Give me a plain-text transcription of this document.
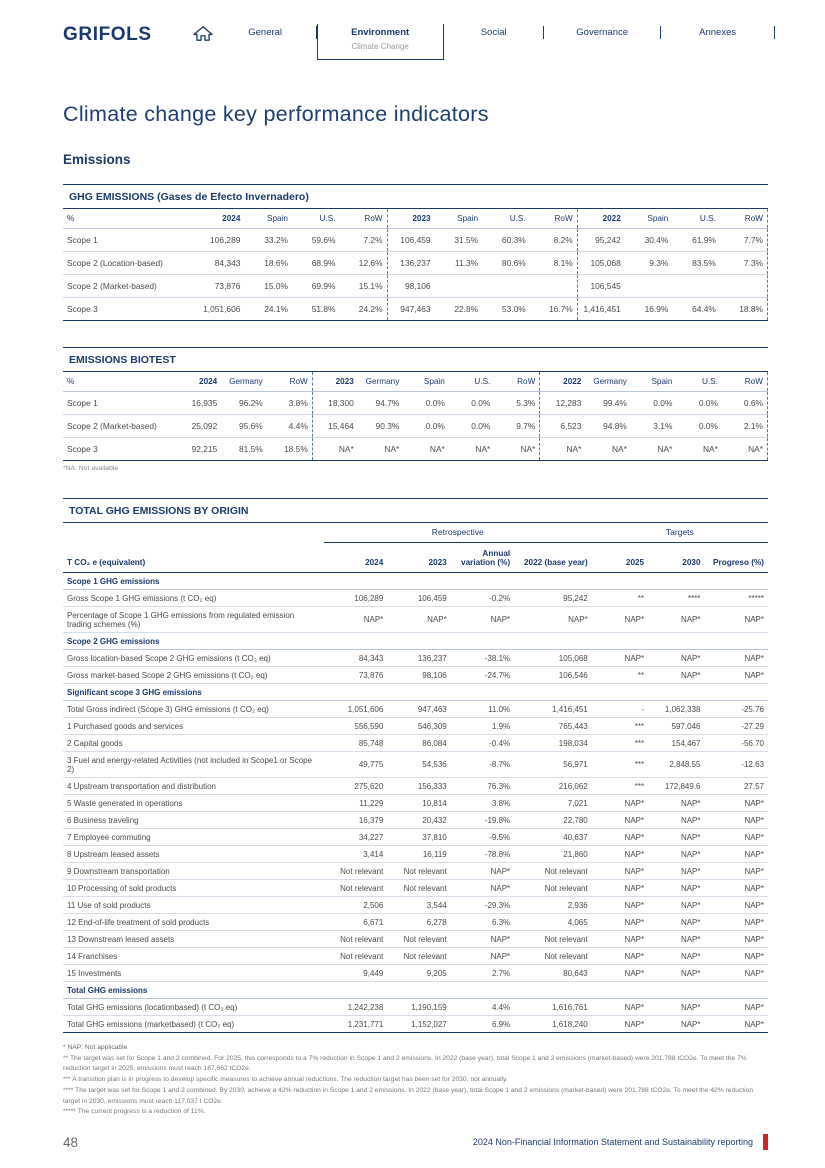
GRIFOLS	General	Environment
Climate Change
Social	Governance	Annexes
Climate change key performance indicators
Emissions
GHG EMISSIONS (Gases de Efecto Invernadero)
%	2024	Spain	U.S.	RoW	2023	Spain	U.S.	RoW	2022	Spain	U.S.	RoW
Scope 1	106,289	33.2%	59.6%	7.2%	106,459	31.5%	60.3%	8.2%	95,242	30.4%	61.9%	7.7%
Scope 2 (Location-based)	84,343	18.6%	68.9%	12.6%	136,237	11.3%	80.6%	8.1%	105,068	9.3%	83.5%	7.3%
Scope 2 (Market-based)	73,876	15.0%	69.9%	15.1%	98,106				106,545			
Scope 3	1,051,606	24.1%	51.8%	24.2%	947,463	22.8%	53.0%	16.7%	1,416,451	16.9%	64.4%	18.8%
EMISSIONS BIOTEST
%	2024	Germany	RoW	2023	Germany	Spain	U.S.	RoW	2022	Germany	Spain	U.S.	RoW
Scope 1	16,935	96.2%	3.8%	18,300	94.7%	0.0%	0.0%	5.3%	12,283	99.4%	0.0%	0.0%	0.6%
Scope 2 (Market-based)	25,092	95.6%	4.4%	15,464	90.3%	0.0%	0.0%	9.7%	6,523	94.8%	3.1%	0.0%	2.1%
Scope 3	92,215	81.5%	18.5%	NA*	NA*	NA*	NA*	NA*	NA*	NA*	NA*	NA*	NA*
*NA: Not available
TOTAL GHG EMISSIONS BY ORIGIN
	Retrospective				Targets		
T CO₂ e (equivalent)	2024	2023	Annual variation (%)	2022 (base year)	2025	2030	Progreso (%)
Scope 1 GHG emissions							
Gross Scope 1 GHG emissions (t CO₂ eq)	106,289	106,459	-0.2%	95,242	**	****	*****
Percentage of Scope 1 GHG emissions from regulated emission trading schemes (%)	NAP*	NAP*	NAP*	NAP*	NAP*	NAP*	NAP*
Scope 2 GHG emissions							
Gross location-based Scope 2 GHG emissions (t CO₂ eq)	84,343	136,237	-38.1%	105,068	NAP*	NAP*	NAP*
Gross market-based Scope 2 GHG emissions (t CO₂ eq)	73,876	98,106	-24.7%	106,546	**	NAP*	NAP*
Significant scope 3 GHG emissions							
Total Gross indirect (Scope 3) GHG emissions (t CO₂ eq)	1,051,606	947,463	11.0%	1,416,451	-	1,062,338	-25.76
1 Purchased goods and services	556,590	546,309	1.9%	765,443	***	597,046	-27.29
2 Capital goods	85,748	86,084	-0.4%	198,034	***	154,467	-56.70
3 Fuel and energy-related Activities (not included in Scope1 or Scope 2)	49,775	54,536	-8.7%	56,971	***	2,848.55	-12.63
4 Upstream transportation and distribution	275,620	156,333	76.3%	216,062	***	172,849.6	27.57
5 Waste generated in operations	11,229	10,814	3.8%	7,021	NAP*	NAP*	NAP*
6 Business traveling	16,379	20,432	-19.8%	22,780	NAP*	NAP*	NAP*
7 Employee commuting	34,227	37,810	-9.5%	40,637	NAP*	NAP*	NAP*
8 Upstream leased assets	3,414	16,119	-78.8%	21,860	NAP*	NAP*	NAP*
9 Downstream transportation	Not relevant	Not relevant	NAP*	Not relevant	NAP*	NAP*	NAP*
10 Processing of sold products	Not relevant	Not relevant	NAP*	Not relevant	NAP*	NAP*	NAP*
11 Use of sold products	2,506	3,544	-29.3%	2,936	NAP*	NAP*	NAP*
12 End-of-life treatment of sold products	6,671	6,278	6.3%	4,065	NAP*	NAP*	NAP*
13 Downstream leased assets	Not relevant	Not relevant	NAP*	Not relevant	NAP*	NAP*	NAP*
14 Franchises	Not relevant	Not relevant	NAP*	Not relevant	NAP*	NAP*	NAP*
15 Investments	9,449	9,205	2.7%	80,643	NAP*	NAP*	NAP*
Total GHG emissions							
Total GHG emissions (locationbased) (t CO₂ eq)	1,242,238	1,190,159	4.4%	1,616,761	NAP*	NAP*	NAP*
Total GHG emissions (marketbased) (t CO₂ eq)	1,231,771	1,152,027	6.9%	1,618,240	NAP*	NAP*	NAP*
* NAP: Not applicable
** The target was set for Scope 1 and 2 combined. For 2025, this corresponds to a 7% reduction in Scope 1 and 2 emissions. In 2022 (base year), total Scope 1 and 2 emissions (market-based) were 201,788 tCO2e. To meet the 7% reduction target in 2025, emissions must reach 187,662 tCO2e.
*** A transition plan is in progress to develop specific measures to achieve annual reductions. The reduction target has been set for 2030, not annually.
**** The target was set for Scope 1 and 2 combined. By 2030, achieve a 42% reduction in Scope 1 and 2 emissions. In 2022 (base year), total Scope 1 and 2 emissions (market-based) were 201,788 tCO2e. To meet the 42% reduction target in 2030, emissions must reach 117,037 t CO2e.
***** The current progress is a reduction of 11%.
48	2024 Non-Financial Information Statement and Sustainability reporting
